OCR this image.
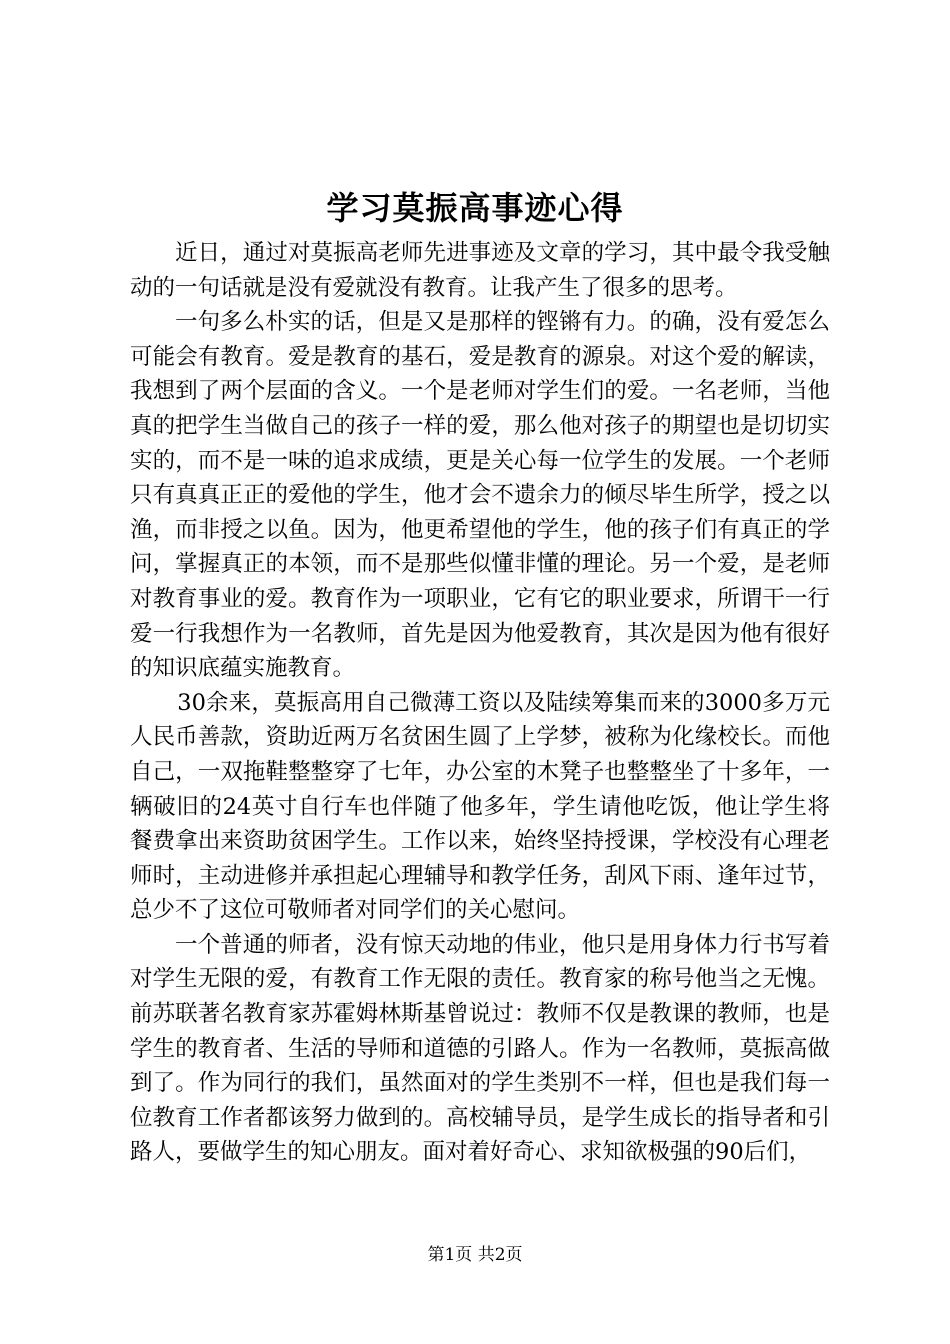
学习莫振高事迹心得

近日，通过对莫振高老师先进事迹及文章的学习，其中最令我受触动的一句话就是没有爱就没有教育。让我产生了很多的思考。

一句多么朴实的话，但是又是那样的铿锵有力。的确，没有爱怎么可能会有教育。爱是教育的基石，爱是教育的源泉。对这个爱的解读，我想到了两个层面的含义。一个是老师对学生们的爱。一名老师，当他真的把学生当做自己的孩子一样的爱，那么他对孩子的期望也是切切实实的，而不是一味的追求成绩，更是关心每一位学生的发展。一个老师只有真真正正的爱他的学生，他才会不遗余力的倾尽毕生所学，授之以渔，而非授之以鱼。因为，他更希望他的学生，他的孩子们有真正的学问，掌握真正的本领，而不是那些似懂非懂的理论。另一个爱，是老师对教育事业的爱。教育作为一项职业，它有它的职业要求，所谓干一行爱一行我想作为一名教师，首先是因为他爱教育，其次是因为他有很好的知识底蕴实施教育。

30余来，莫振高用自己微薄工资以及陆续筹集而来的3000多万元人民币善款，资助近两万名贫困生圆了上学梦，被称为化缘校长。而他自己，一双拖鞋整整穿了七年，办公室的木凳子也整整坐了十多年，一辆破旧的24英寸自行车也伴随了他多年，学生请他吃饭，他让学生将餐费拿出来资助贫困学生。工作以来，始终坚持授课，学校没有心理老师时，主动进修并承担起心理辅导和教学任务，刮风下雨、逢年过节，总少不了这位可敬师者对同学们的关心慰问。

一个普通的师者，没有惊天动地的伟业，他只是用身体力行书写着对学生无限的爱，有教育工作无限的责任。教育家的称号他当之无愧。前苏联著名教育家苏霍姆林斯基曾说过：教师不仅是教课的教师，也是学生的教育者、生活的导师和道德的引路人。作为一名教师，莫振高做到了。作为同行的我们，虽然面对的学生类别不一样，但也是我们每一位教育工作者都该努力做到的。高校辅导员，是学生成长的指导者和引路人，要做学生的知心朋友。面对着好奇心、求知欲极强的90后们，

第1页 共2页
